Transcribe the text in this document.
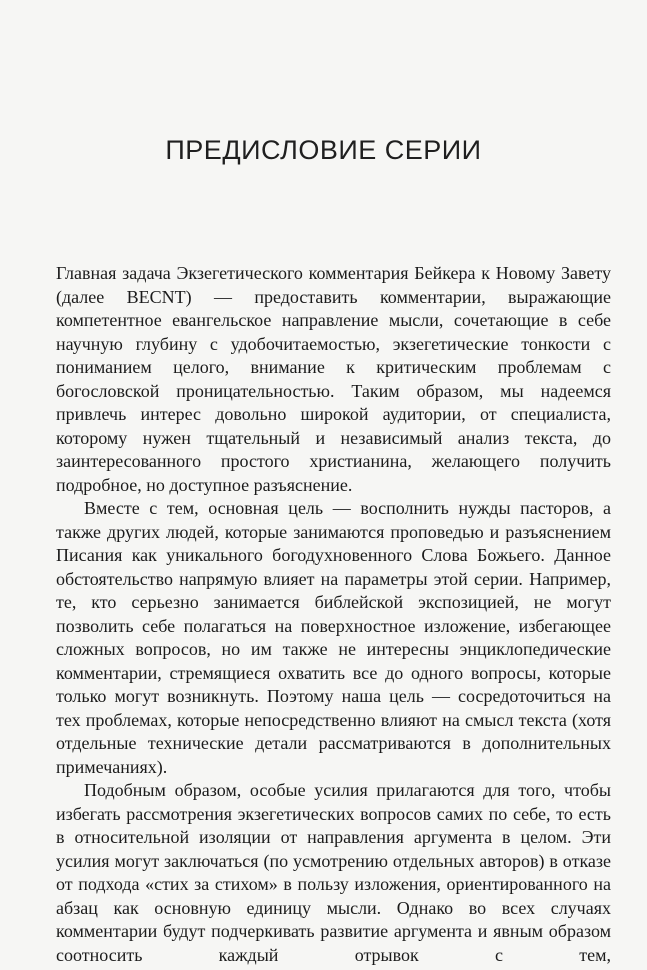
ПРЕДИСЛОВИЕ СЕРИИ

Главная задача Экзегетического комментария Бейкера к Новому Завету (далее BECNT) — предоставить комментарии, выражающие компетентное евангельское направление мысли, сочетающие в себе научную глубину с удобочитаемостью, экзегетические тонкости с пониманием целого, внимание к критическим проблемам с богословской проницательностью. Таким образом, мы надеемся привлечь интерес довольно широкой аудитории, от специалиста, которому нужен тщательный и независимый анализ текста, до заинтересованного простого христианина, желающего получить подробное, но доступное разъяснение.

Вместе с тем, основная цель — восполнить нужды пасторов, а также других людей, которые занимаются проповедью и разъяснением Писания как уникального богодухновенного Слова Божьего. Данное обстоятельство напрямую влияет на параметры этой серии. Например, те, кто серьезно занимается библейской экспозицией, не могут позволить себе полагаться на поверхностное изложение, избегающее сложных вопросов, но им также не интересны энциклопедические комментарии, стремящиеся охватить все до одного вопросы, которые только могут возникнуть. Поэтому наша цель — сосредоточиться на тех проблемах, которые непосредственно влияют на смысл текста (хотя отдельные технические детали рассматриваются в дополнительных примечаниях).

Подобным образом, особые усилия прилагаются для того, чтобы избегать рассмотрения экзегетических вопросов самих по себе, то есть в относительной изоляции от направления аргумента в целом. Эти усилия могут заключаться (по усмотрению отдельных авторов) в отказе от подхода «стих за стихом» в пользу изложения, ориентированного на абзац как основную единицу мысли. Однако во всех случаях комментарии будут подчеркивать развитие аргумента и явным образом соотносить каждый отрывок с тем,
